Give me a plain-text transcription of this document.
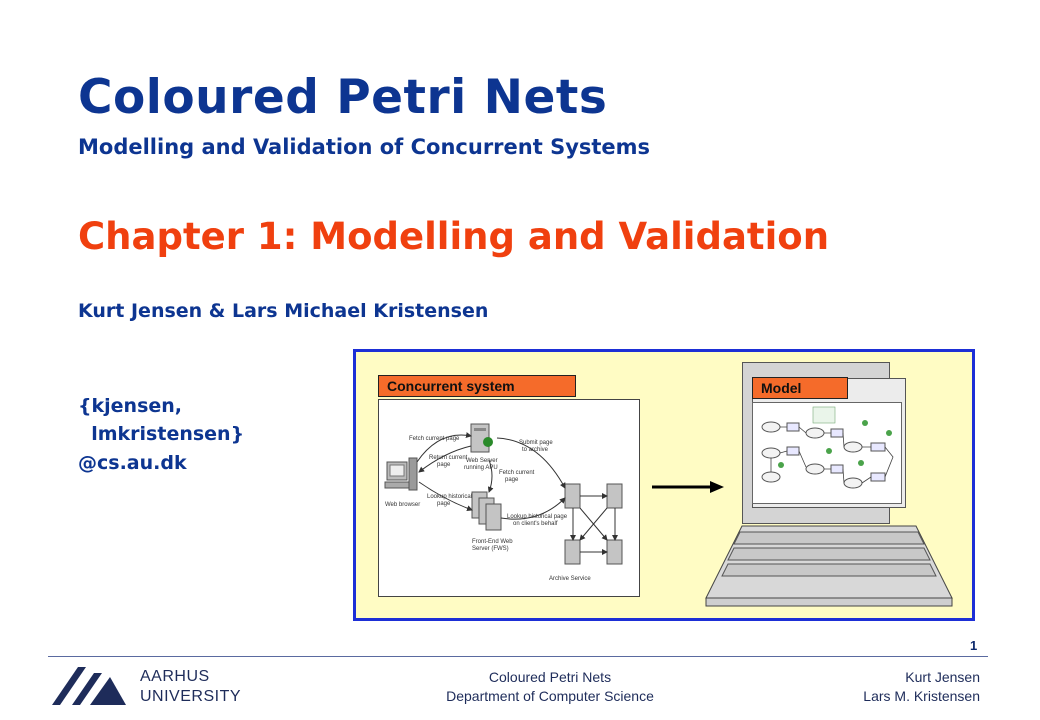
Coloured Petri Nets
Modelling and Validation of Concurrent Systems
Chapter 1: Modelling and Validation
Kurt Jensen & Lars Michael Kristensen
{kjensen,
lmkristensen}
@cs.au.dk
Web browser
Web Server
running APU
Front-End Web
Server (FWS)
Archive Service
Fetch current page
Return current
page
Submit page
to archive
Fetch current
page
Lookup historical
page
Lookup historical page
on client's behalf
Concurrent system	Model
1
AARHUS
UNIVERSITY
Coloured Petri Nets
Department of Computer Science
Kurt Jensen
Lars M. Kristensen
